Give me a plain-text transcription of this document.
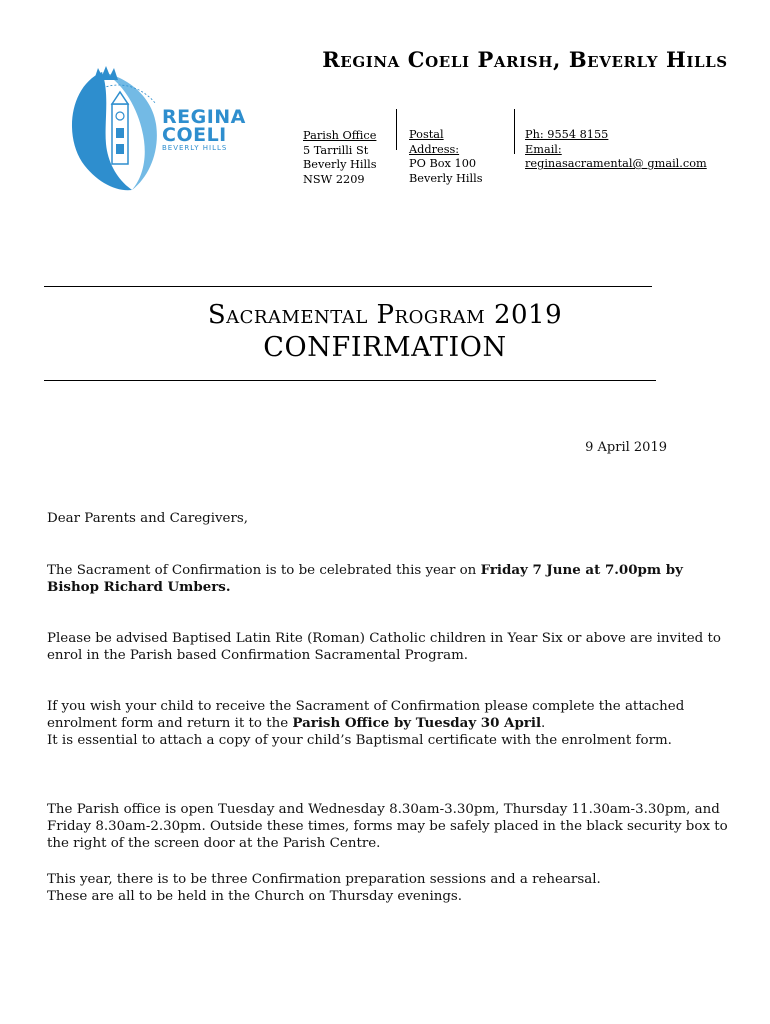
REGINA
COELI
BEVERLY HILLS
Regina Coeli Parish, Beverly Hills
Parish Office
5 Tarrilli St
Beverly Hills
NSW 2209
Postal
Address:
PO Box 100
Beverly Hills
Ph: 9554 8155
Email:
reginasacramental@ gmail.com
Sacramental Program 2019
CONFIRMATION
9 April 2019
Dear Parents and Caregivers,
The Sacrament of Confirmation is to be celebrated this year on Friday 7 June at 7.00pm by Bishop Richard Umbers.
Please be advised Baptised Latin Rite (Roman) Catholic children in Year Six or above are invited to enrol in the Parish based Confirmation Sacramental Program.
If you wish your child to receive the Sacrament of Confirmation please complete the attached enrolment form and return it to the Parish Office by Tuesday 30 April.
It is essential to attach a copy of your child’s Baptismal certificate with the enrolment form.
The Parish office is open Tuesday and Wednesday 8.30am-3.30pm, Thursday 11.30am-3.30pm, and Friday 8.30am-2.30pm. Outside these times, forms may be safely placed in the black security box to the right of the screen door at the Parish Centre.
This year, there is to be three Confirmation preparation sessions and a rehearsal.
These are all to be held in the Church on Thursday evenings.
